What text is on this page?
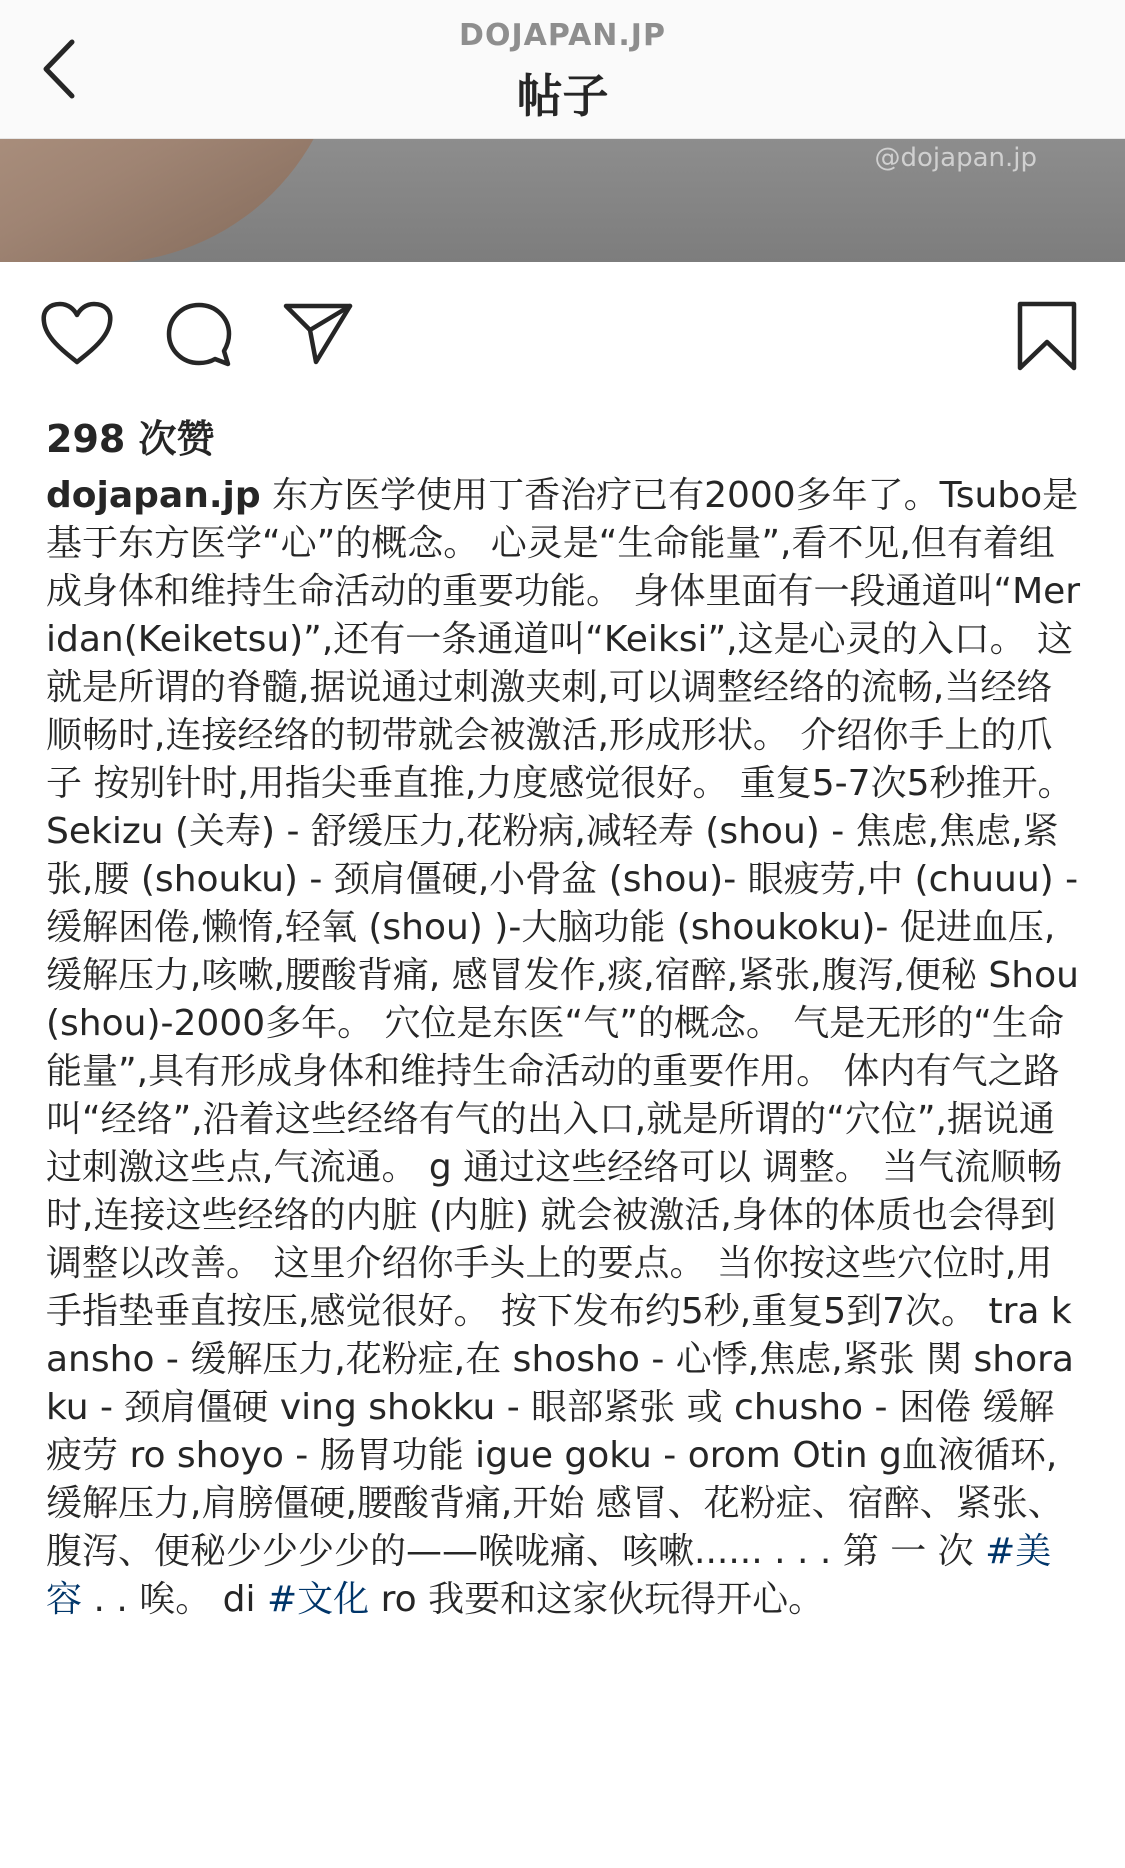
DOJAPAN.JP
帖子
@dojapan.jp
298 次赞
dojapan.jp 东方医学使用丁香治疗已有2000多年了。Tsubo是基于东方医学“心”的概念。 心灵是“生命能量”,看不见,但有着组成身体和维持生命活动的重要功能。 身体里面有一段通道叫“Meridan(Keiketsu)”,还有一条通道叫“Keiksi”,这是心灵的入口。 这就是所谓的脊髓,据说通过刺激夹刺,可以调整经络的流畅,当经络顺畅时,连接经络的韧带就会被激活,形成形状。 介绍你手上的爪子 按别针时,用指尖垂直推,力度感觉很好。 重复5-7次5秒推开。 Sekizu (关寿) - 舒缓压力,花粉病,减轻寿 (shou) - 焦虑,焦虑,紧张,腰 (shouku) - 颈肩僵硬,小骨盆 (shou)- 眼疲劳,中 (chuuu) - 缓解困倦,懒惰,轻氧 (shou) )-大脑功能 (shoukoku)- 促进血压,缓解压力,咳嗽,腰酸背痛, 感冒发作,痰,宿醉,紧张,腹泻,便秘 Shou(shou)-2000多年。 穴位是东医“气”的概念。 气是无形的“生命能量”,具有形成身体和维持生命活动的重要作用。 体内有气之路叫“经络”,沿着这些经络有气的出入口,就是所谓的“穴位”,据说通过刺激这些点,气流通。 g 通过这些经络可以 调整。 当气流顺畅时,连接这些经络的内脏 (内脏) 就会被激活,身体的体质也会得到调整以改善。 这里介绍你手头上的要点。 当你按这些穴位时,用手指垫垂直按压,感觉很好。 按下发布约5秒,重复5到7次。 tra kansho - 缓解压力,花粉症,在 shosho - 心悸,焦虑,紧张 関 shoraku - 颈肩僵硬 ving shokku - 眼部紧张 或 chusho - 困倦 缓解 疲劳 ro shoyo - 肠胃功能 igue goku - orom Otin g血液循环,缓解压力,肩膀僵硬,腰酸背痛,开始 感冒、花粉症、宿醉、紧张、腹泻、便秘少少少少的——喉咙痛、咳嗽...... . . . 第 一 次 #美容 . . 唉。 di #文化 ro 我要和这家伙玩得开心。
